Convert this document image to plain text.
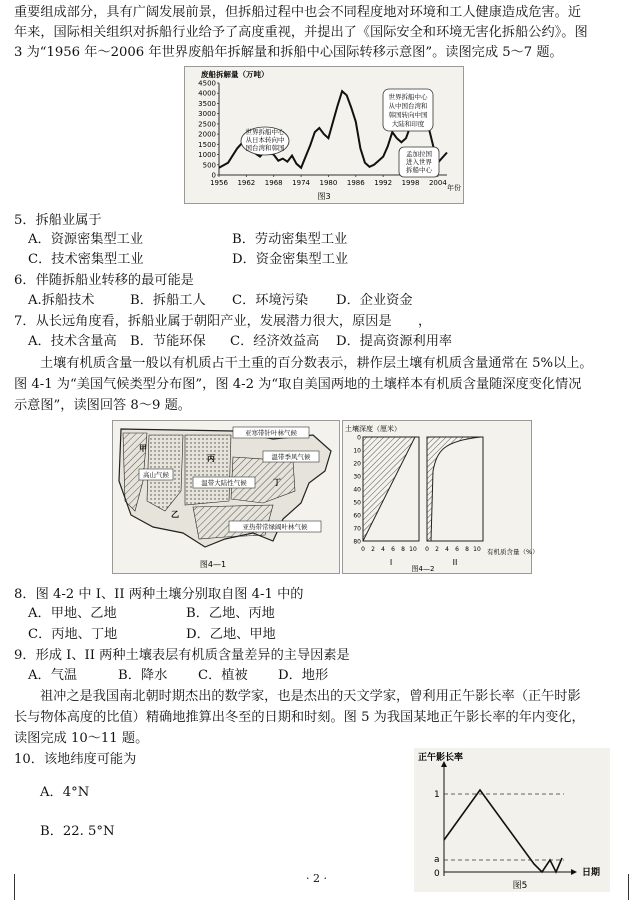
重要组成部分，具有广阔发展前景，但拆船过程中也会不同程度地对环境和工人健康造成危害。近
年来，国际相关组织对拆船行业给予了高度重视，并提出了《国际安全和环境无害化拆船公约》。图
3 为“1956 年～2006 年世界废船年拆解量和拆船中心国际转移示意图”。读图完成 5～7 题。
废船拆解量（万吨）
4500
4000
3500
3000
2500
2000
1500
1000
500
0
1956 1962 1968 1974 1980 1986 1992 1998 2004
年份
世界拆船中心
从日本转向中
国台湾和韩国
世界拆船中心
从中国台湾和
韩国转向中国
大陆和印度
孟加拉国
进入世界
拆船中心
图3
5．拆船业属于
A．资源密集型工业	B．劳动密集型工业
C．技术密集型工业	D．资金密集型工业
6．伴随拆船业转移的最可能是
A.拆船技术	B．拆船工人 C．环境污染 D．企业资金
7．从长远角度看，拆船业属于朝阳产业，发展潜力很大，原因是　　，
A．技术含量高 B．节能环保 C．经济效益高 D．提高资源利用率
土壤有机质含量一般以有机质占干土重的百分数表示，耕作层土壤有机质含量通常在 5%以上。
图 4-1 为“美国气候类型分布图”，图 4-2 为“取自美国两地的土壤样本有机质含量随深度变化情况
示意图”，读图回答 8～9 题。
亚寒带针叶林气候
温带季风气候
高山气候
温带大陆性气候
亚热带常绿阔叶林气候
甲
乙
丙
丁
图4—1
土壤深度（厘米）
0
10
20
30
40
50
60
70
80
0 2 4 6 8 10 0 2 4 6 8 10 有机质含量（%）
I	II
图4—2
8．图 4-2 中 I、II 两种土壤分别取自图 4-1 中的
A．甲地、乙地	B．乙地、丙地
C．丙地、丁地	D．乙地、甲地
9．形成 I、II 两种土壤表层有机质含量差异的主导因素是
A．气温	B．降水 C．植被 D．地形
祖冲之是我国南北朝时期杰出的数学家，也是杰出的天文学家，曾利用正午影长率（正午时影
长与物体高度的比值）精确地推算出冬至的日期和时刻。图 5 为我国某地正午影长率的年内变化，
读图完成 10～11 题。
10．该地纬度可能为
A．4°N
B．22. 5°N
正午影长率
1
a
0	日期
图5
· 2 ·
